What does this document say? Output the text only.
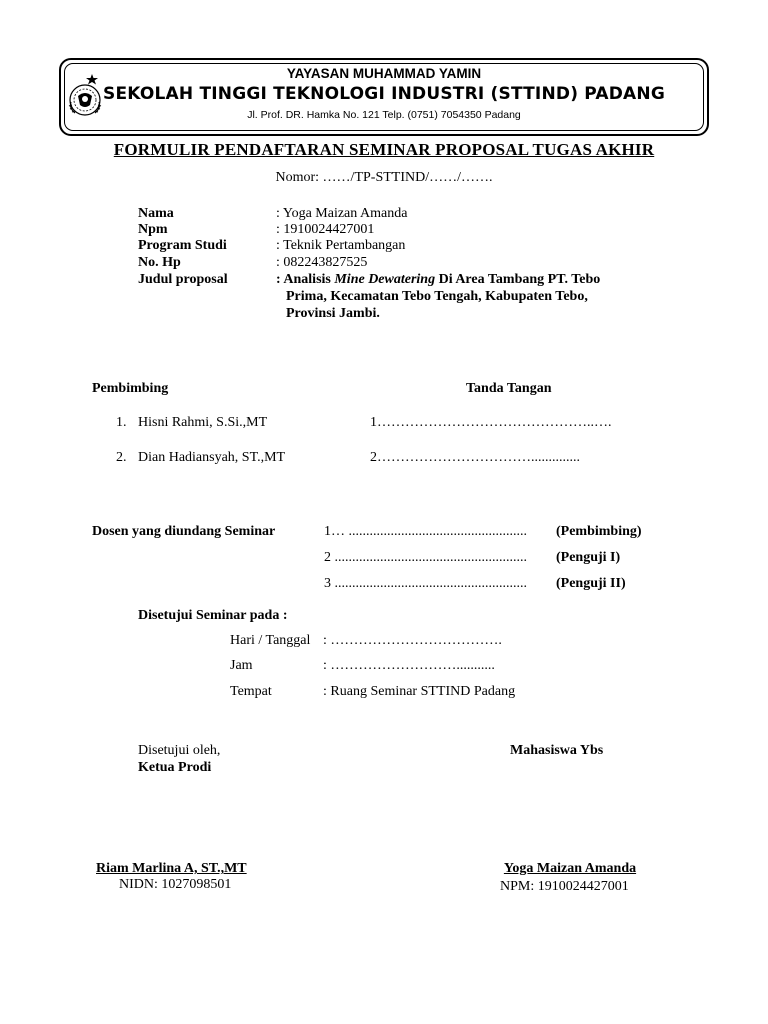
YAYASAN MUHAMMAD YAMIN
SEKOLAH TINGGI TEKNOLOGI INDUSTRI (STTIND) PADANG
Jl. Prof. DR. Hamka No. 121 Telp. (0751) 7054350 Padang
FORMULIR PENDAFTARAN SEMINAR PROPOSAL TUGAS AKHIR
Nomor: ……/TP-STTIND/……/…….
Nama	: Yoga Maizan Amanda
Npm	: 1910024427001
Program Studi	: Teknik Pertambangan
No. Hp	: 082243827525
Judul proposal	: Analisis Mine Dewatering Di Area Tambang PT. Tebo
Prima, Kecamatan Tebo Tengah, Kabupaten Tebo,
Provinsi Jambi.
Pembimbing	Tanda Tangan
1. Hisni Rahmi, S.Si.,MT	1………………………………………..….
2. Dian Hadiansyah, ST.,MT	2……………………………..............
Dosen yang diundang Seminar	1… ................................................... (Pembimbing)
2 ....................................................... (Penguji I)
3 ....................................................... (Penguji II)
Disetujui Seminar pada :
Hari / Tanggal : ……………………………….
Jam	: ………………………...........
Tempat	: Ruang Seminar STTIND Padang
Disetujui oleh,
Ketua Prodi
Mahasiswa Ybs
Riam Marlina A, ST.,MT
NIDN: 1027098501
Yoga Maizan Amanda
NPM: 1910024427001
